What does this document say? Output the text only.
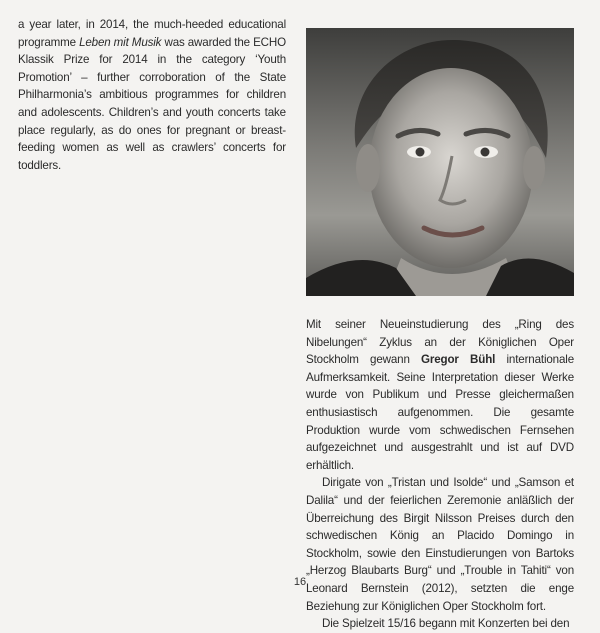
a year later, in 2014, the much-heeded educational programme Leben mit Musik was awarded the ECHO Klassik Prize for 2014 in the category ‘Youth Promotion’ – further corroboration of the State Philharmonia’s ambitious programmes for children and adolescents. Children’s and youth concerts take place regularly, as do ones for pregnant or breast-feeding women as well as crawlers’ concerts for toddlers.

Mit seiner Neueinstudierung des „Ring des Nibelungen“ Zyklus an der Königlichen Oper Stockholm gewann Gregor Bühl internationale Aufmerksamkeit. Seine Interpretation dieser Werke wurde von Publikum und Presse gleichermaßen enthusiastisch aufgenommen. Die gesamte Produktion wurde vom schwedischen Fernsehen aufgezeichnet und ausgestrahlt und ist auf DVD erhältlich.

Dirigate von „Tristan und Isolde“ und „Samson et Dalila“ und der feierlichen Zeremonie anläßlich der Überreichung des Birgit Nilsson Preises durch den schwedischen König an Placido Domingo in Stockholm, sowie den Einstudierungen von Bartoks „Herzog Blaubarts Burg“ und „Trouble in Tahiti“ von Leonard Bernstein (2012), setzten die enge Beziehung zur Königlichen Oper Stockholm fort.

Die Spielzeit 15/16 begann mit Konzerten bei den

16
